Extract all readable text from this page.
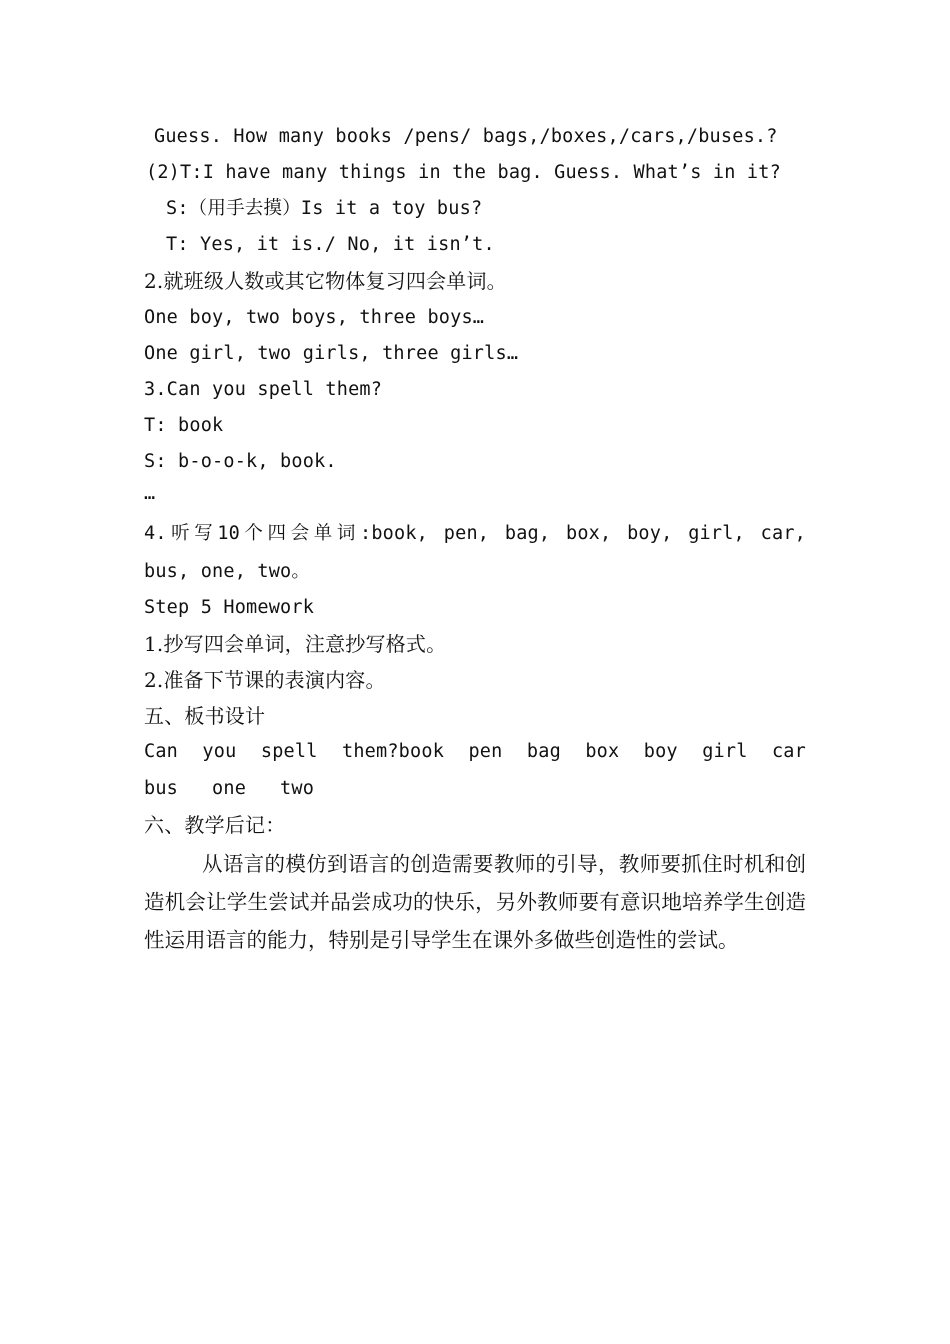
Guess. How many books /pens/ bags,/boxes,/cars,/buses.?
(2)T:I have many things in the bag. Guess. What’s in it?
S:（用手去摸）Is it a toy bus?
T: Yes, it is./ No, it isn’t.
2.就班级人数或其它物体复习四会单词。
One boy, two boys, three boys…
One girl, two girls, three girls…
3.Can you spell them?
T: book
S: b-o-o-k, book.
…
4.听写10个四会单词:book, pen, bag, box, boy, girl, car,
bus, one, two。
Step 5 Homework
1.抄写四会单词，注意抄写格式。
2.准备下节课的表演内容。
五、板书设计
Can you spell them?book pen bag box boy girl car
bus   one   two
六、教学后记：
从语言的模仿到语言的创造需要教师的引导，教师要抓住时机和创造机会让学生尝试并品尝成功的快乐，另外教师要有意识地培养学生创造性运用语言的能力，特别是引导学生在课外多做些创造性的尝试。
